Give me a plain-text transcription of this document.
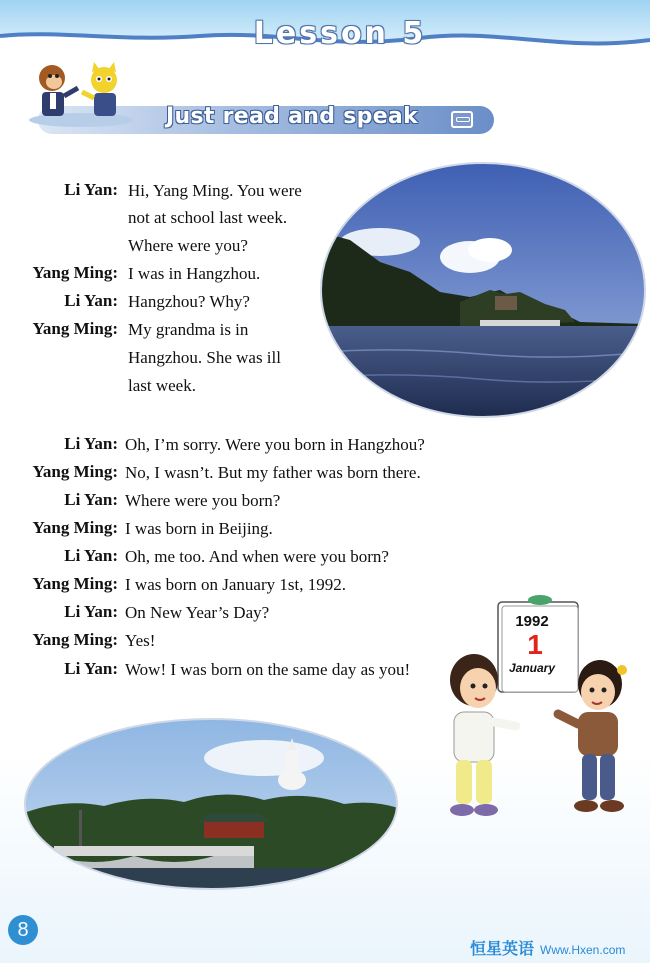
Lesson 5
Just read and speak
Li Yan: Hi, Yang Ming. You were
not at school last week.
Where were you?
Yang Ming: I was in Hangzhou.
Li Yan: Hangzhou? Why?
Yang Ming: My grandma is in
Hangzhou. She was ill
last week.
Li Yan: Oh, I’m sorry. Were you born in Hangzhou?
Yang Ming: No, I wasn’t. But my father was born there.
Li Yan: Where were you born?
Yang Ming: I was born in Beijing.
Li Yan: Oh, me too. And when were you born?
Yang Ming: I was born on January 1st, 1992.
Li Yan: On New Year’s Day?
Yang Ming: Yes!
Li Yan: Wow! I was born on the same day as you!
1992
1
January
8
恒星英语 Www.Hxen.com
